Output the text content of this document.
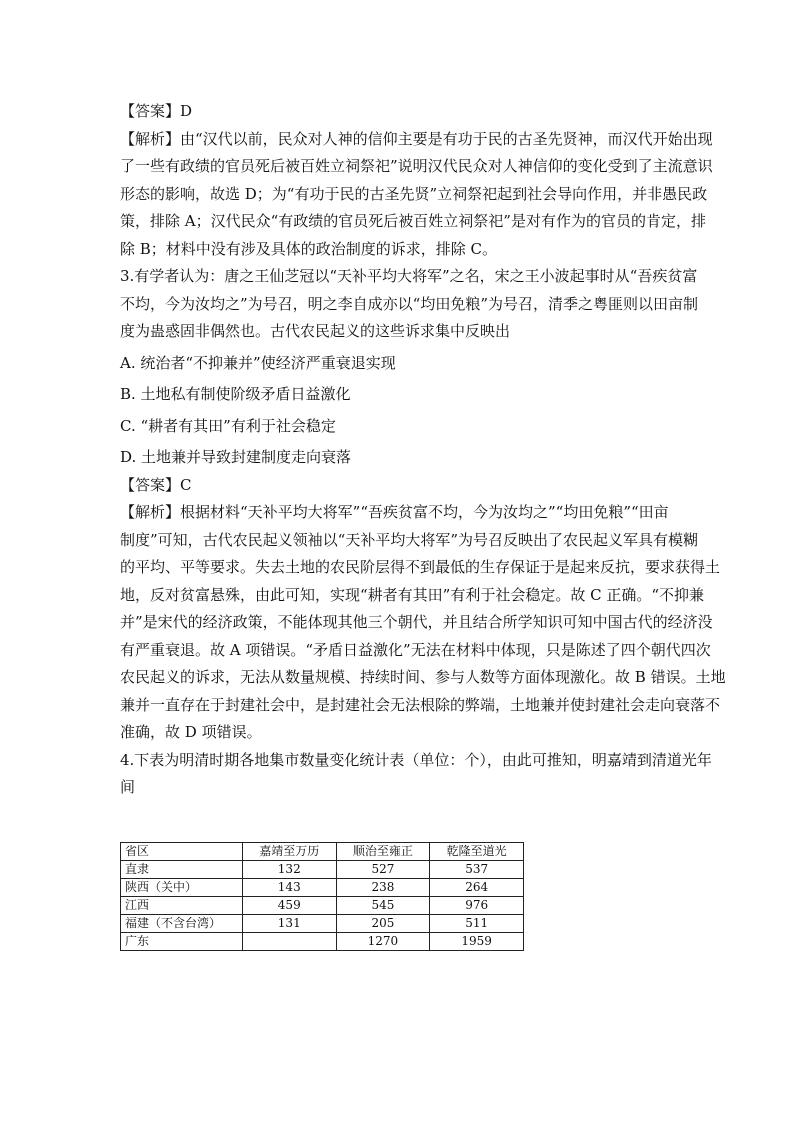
【答案】D
【解析】由“汉代以前，民众对人神的信仰主要是有功于民的古圣先贤神，而汉代开始出现
了一些有政绩的官员死后被百姓立祠祭祀”说明汉代民众对人神信仰的变化受到了主流意识
形态的影响，故选 D；为“有功于民的古圣先贤”立祠祭祀起到社会导向作用，并非愚民政
策，排除 A；汉代民众“有政绩的官员死后被百姓立祠祭祀”是对有作为的官员的肯定，排
除 B；材料中没有涉及具体的政治制度的诉求，排除 C。
3.有学者认为：唐之王仙芝冠以“天补平均大将军”之名，宋之王小波起事时从“吾疾贫富
不均，今为汝均之”为号召，明之李自成亦以“均田免粮”为号召，清季之粤匪则以田亩制
度为蛊惑固非偶然也。古代农民起义的这些诉求集中反映出
A. 统治者“不抑兼并”使经济严重衰退实现
B. 土地私有制使阶级矛盾日益激化
C. “耕者有其田”有利于社会稳定
D. 土地兼并导致封建制度走向衰落
【答案】C
【解析】根据材料“天补平均大将军”“吾疾贫富不均，今为汝均之”“均田免粮”“田亩
制度”可知，古代农民起义领袖以“天补平均大将军”为号召反映出了农民起义军具有模糊
的平均、平等要求。失去土地的农民阶层得不到最低的生存保证于是起来反抗，要求获得土
地，反对贫富悬殊，由此可知，实现“耕者有其田”有利于社会稳定。故 C 正确。“不抑兼
并”是宋代的经济政策，不能体现其他三个朝代，并且结合所学知识可知中国古代的经济没
有严重衰退。故 A 项错误。“矛盾日益激化”无法在材料中体现，只是陈述了四个朝代四次
农民起义的诉求，无法从数量规模、持续时间、参与人数等方面体现激化。故 B 错误。土地
兼并一直存在于封建社会中，是封建社会无法根除的弊端，土地兼并使封建社会走向衰落不
准确，故 D 项错误。
4.下表为明清时期各地集市数量变化统计表（单位：个），由此可推知，明嘉靖到清道光年
间
省区	嘉靖至万历	顺治至雍正	乾隆至道光
直隶	132	527	537
陕西（关中）	143	238	264
江西	459	545	976
福建（不含台湾）	131	205	511
广东		1270	1959
